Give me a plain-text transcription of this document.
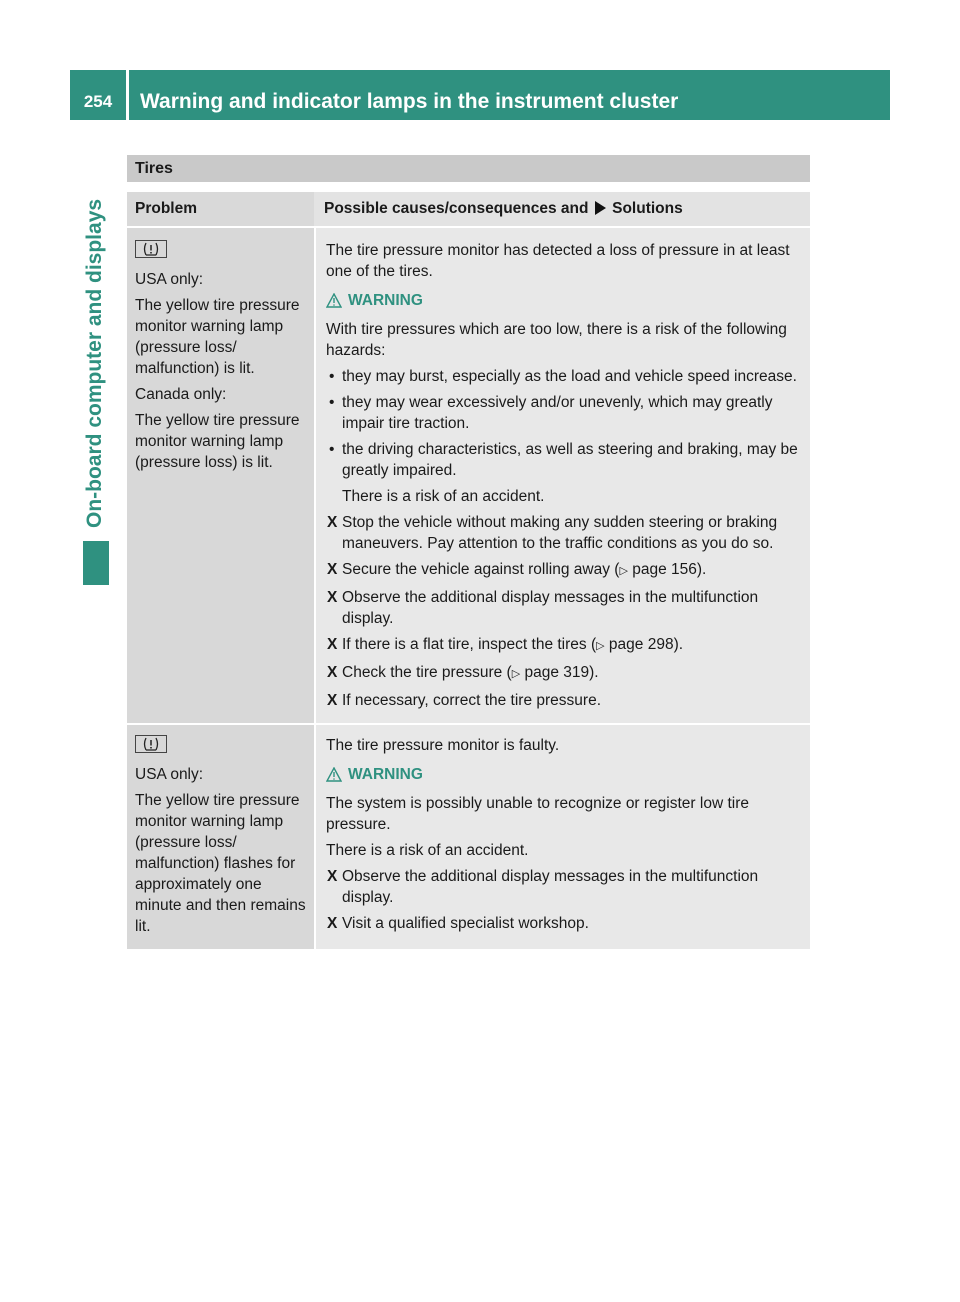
254	Warning and indicator lamps in the instrument cluster
On-board computer and displays
Tires
Problem	Possible causes/consequences and Solutions

USA only:

The yellow tire pressure monitor warning lamp (pressure loss/ malfunction) is lit.

Canada only:

The yellow tire pressure monitor warning lamp (pressure loss) is lit.

The tire pressure monitor has detected a loss of pressure in at least one of the tires.

WARNING

With tire pressures which are too low, there is a risk of the following hazards:

• they may burst, especially as the load and vehicle speed increase.

• they may wear excessively and/or unevenly, which may greatly impair tire traction.

• the driving characteristics, as well as steering and braking, may be greatly impaired.

There is a risk of an accident.

X Stop the vehicle without making any sudden steering or braking maneuvers. Pay attention to the traffic conditions as you do so.

X Secure the vehicle against rolling away (▷ page 156).

X Observe the additional display messages in the multifunction display.

X If there is a flat tire, inspect the tires (▷ page 298).

X Check the tire pressure (▷ page 319).

X If necessary, correct the tire pressure.

USA only:

The yellow tire pressure monitor warning lamp (pressure loss/ malfunction) flashes for approximately one minute and then remains lit.

The tire pressure monitor is faulty.

WARNING

The system is possibly unable to recognize or register low tire pressure.

There is a risk of an accident.

X Observe the additional display messages in the multifunction display.

X Visit a qualified specialist workshop.
